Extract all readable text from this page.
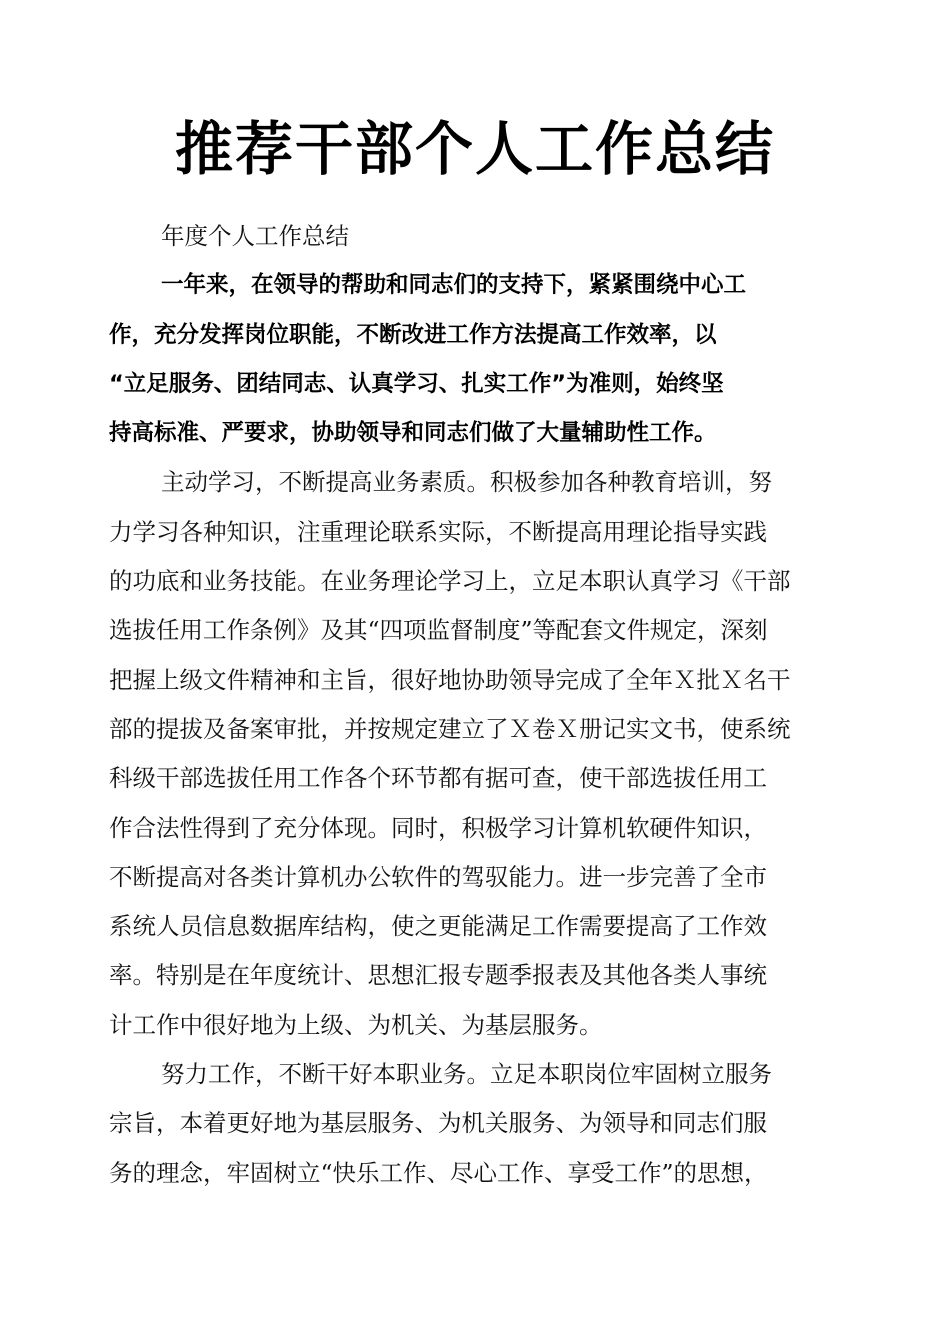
推荐干部个人工作总结
年度个人工作总结
一年来，在领导的帮助和同志们的支持下，紧紧围绕中心工
作，充分发挥岗位职能，不断改进工作方法提高工作效率，以
“立足服务、团结同志、认真学习、扎实工作”为准则，始终坚
持高标准、严要求，协助领导和同志们做了大量辅助性工作。
主动学习，不断提高业务素质。积极参加各种教育培训，努
力学习各种知识，注重理论联系实际，不断提高用理论指导实践
的功底和业务技能。在业务理论学习上，立足本职认真学习《干部
选拔任用工作条例》及其“四项监督制度”等配套文件规定，深刻
把握上级文件精神和主旨，很好地协助领导完成了全年Ｘ批Ｘ名干
部的提拔及备案审批，并按规定建立了Ｘ卷Ｘ册记实文书，使系统
科级干部选拔任用工作各个环节都有据可查，使干部选拔任用工
作合法性得到了充分体现。同时，积极学习计算机软硬件知识，
不断提高对各类计算机办公软件的驾驭能力。进一步完善了全市
系统人员信息数据库结构，使之更能满足工作需要提高了工作效
率。特别是在年度统计、思想汇报专题季报表及其他各类人事统
计工作中很好地为上级、为机关、为基层服务。
努力工作，不断干好本职业务。立足本职岗位牢固树立服务
宗旨，本着更好地为基层服务、为机关服务、为领导和同志们服
务的理念，牢固树立“快乐工作、尽心工作、享受工作”的思想，
